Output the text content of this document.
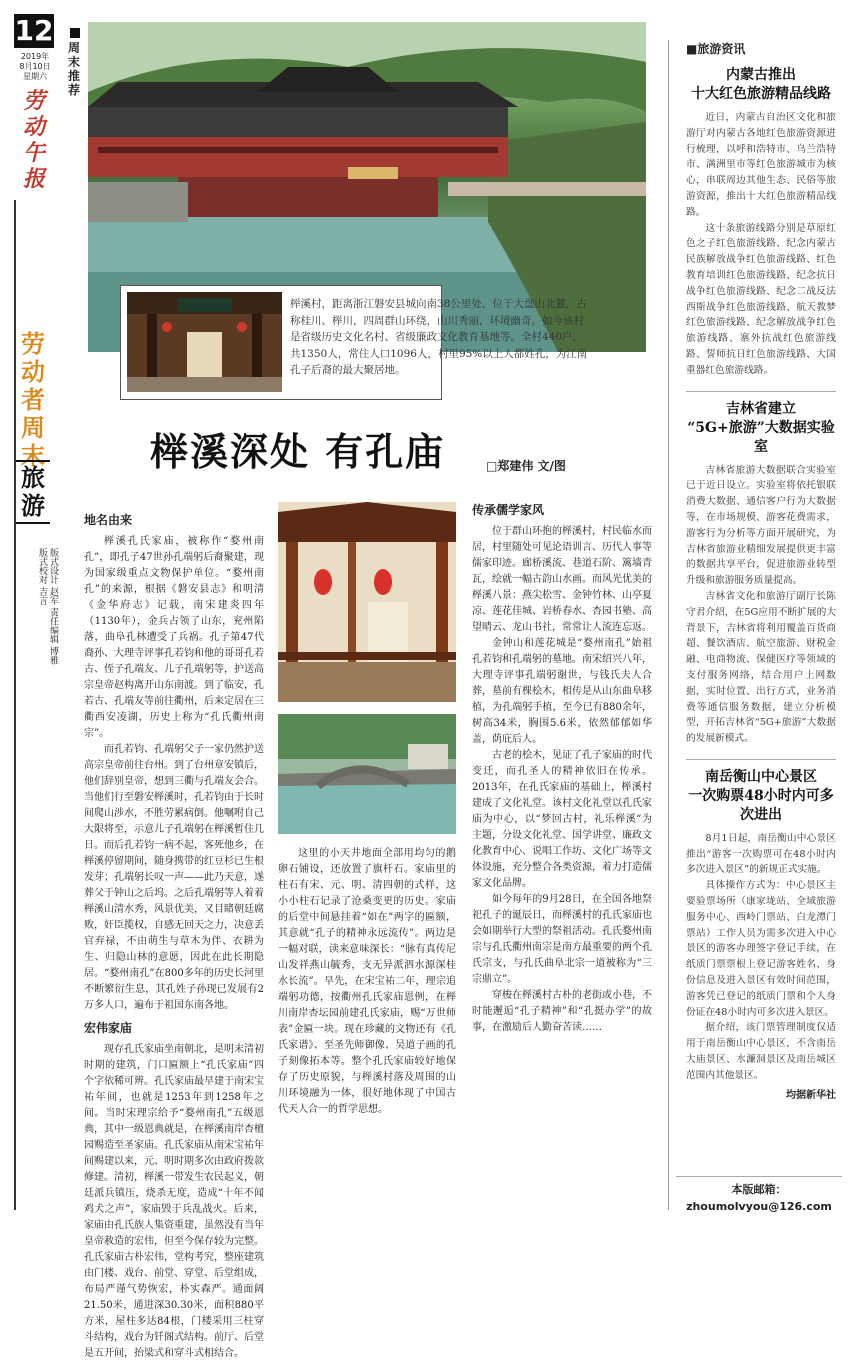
12
2019年
8月10日
星期六
劳动午报
劳动者周末
旅游
版式设计 赵军 责任编辑 博雅 版式校对 吉言
周末推荐
榉溪村，距离浙江磐安县城向南38公里处，位于大盘山北麓，古称桂川、榉川，四周群山环绕，山川秀丽，环境幽奇。如今该村是省级历史文化名村、省级廉政文化教育基地等。全村440户，共1350人，常住人口1096人，村里95%以上人都姓孔，为江南孔子后裔的最大聚居地。
榉溪深处 有孔庙	□郑建伟 文/图
地名由来

榉溪孔氏家庙，被称作“婺州南孔”，即孔子47世孙孔端躬后裔聚建，现为国家级重点文物保护单位。“婺州南孔”的来源，根据《磐安县志》和明清《金华府志》记载，南宋建炎四年（1130年），金兵占领了山东，兖州陷落，曲阜孔林遭受了兵祸。孔子第47代裔孙、大理寺评事孔若钧和他的哥哥孔若古、侄子孔端友、儿子孔端躬等，护送高宗皇帝赵构离开山东南渡。到了临安，孔若古、孔端友等前往衢州，后来定居在三衢西安凌湖，历史上称为“孔氏衢州南宗”。

而孔若钧、孔端躬父子一家仍然护送高宗皇帝前往台州。到了台州章安镇后，他们辞别皇帝，想到三衢与孔端友会合。当他们行至磐安榉溪时，孔若钧由于长时间爬山涉水，不胜劳累病倒。他嘱咐自己大限将至，示意儿子孔端躬在榉溪暂住几日。而后孔若钧一病不起，客死他乡，在榉溪停留期间，随身携带的红豆杉已生根发芽；孔端躬长叹一声——此乃天意，遂葬父于钟山之后坞。之后孔端躬等人着着榉溪山清水秀，风景优美，又目睹朝廷腐败，奸臣揽权，自感无回天之力，决意丢官弃禄，不由萌生与草木为伴、衣耕为生、归隐山林的意愿，因此在此长期隐居。“婺州南孔”在800多年的历史长河里不断繁衍生息，其孔姓子孙现已发展有2万多人口，遍布于祖国东南各地。

宏伟家庙

现存孔氏家庙坐南朝北，是明末清初时期的建筑，门口匾额上“孔氏家庙”四个字依稀可辨。孔氏家庙最早建于南宋宝祐年间，也就是1253年到1258年之间。当时宋理宗给予“婺州南孔”五级恩典，其中一级恩典就是，在榉溪南岸杏檀园赐造至圣家庙。孔氏家庙从南宋宝祐年间赐建以来，元、明时期多次由政府拨款修建。清初，榉溪一带发生农民起义，朝廷派兵镇压，烧杀无度，造成“十年不闻鸡犬之声”，家庙毁于兵乱战火。后来，家庙由孔氏族人集资重建，虽然没有当年皇帝赦造的宏伟，但至今保存较为完整。孔氏家庙古朴宏伟，堂构考究，整座建筑由门楼、戏台、前堂、穿堂、后堂组成，布局严谨气势恢宏，朴实森严。通面阔21.50米，通进深30.30米，面积880平方米，屋柱多达84根，门楼采用三柱穿斗结构，戏台为钎阁式结构。前厅、后堂是五开间，抬梁式和穿斗式相结合。

这里的小天井地面全部用均匀的鹅卵石铺设，还放置了旗杆石。家庙里的柱石有宋、元、明、清四朝的式样，这小小柱石记录了沧桑变更的历史。家庙的后堂中间悬挂着“如在”两字的匾额，其意就“孔子的精神永远流传”。两边是一幅对联，读来意味深长：“脉有真传尼山发祥燕山毓秀，支无异派泗水源深桂水长流”。早先，在宋宝祐二年，理宗追端躬功德，按衢州孔氏家庙恩例，在榉川南岸杏坛园前建孔氏家庙，赐“万世师表”金匾一块。现在珍藏的文物还有《孔氏家谱》、至圣先师御像、吴道子画的孔子刻像拓本等。整个孔氏家庙较好地保存了历史原貌，与榉溪村落及周围的山川环境融为一体，很好地体现了中国古代天人合一的哲学思想。

传承儒学家风

位于群山环抱的榉溪村，村民临水而居，村里随处可见论语训言、历代人事等儒家印迹。廊桥溪流、巷道石阶、篱墙青瓦，绘就一幅古韵山水画。而风光优美的榉溪八景：燕尖松雪、金钟竹林、山亭夏凉、莲花佳城、岩桥春水、杏园书塾、高望晴云、龙山书社，常常让人流连忘返。

金钟山和莲花城是“婺州南孔”始祖孔若钧和孔端躬的墓地。南宋绍兴八年，大理寺评事孔端躬谢世，与钱氏夫人合葬，墓前有棵桧木，相传是从山东曲阜移植，为孔端躬手植，至今已有880余年，树高34米，胸围5.6米，依然郁郁如华盖，荫庇后人。

古老的桧木，见证了孔子家庙的时代变迁，而孔圣人的精神依旧在传承。2013年，在孔氏家庙的基础上，榉溪村建成了文化礼堂。该村文化礼堂以孔氏家庙为中心，以“梦回古村，礼乐榉溪”为主题，分设文化礼堂、国学讲堂、廉政文化教育中心、说唱工作坊、文化广场等文体设施，充分整合各类资源，着力打造儒家文化品牌。

如今每年的9月28日，在全国各地祭祀孔子的诞辰日，而榉溪村的孔氏家庙也会如期举行大型的祭祖活动。孔氏婺州南宗与孔氏衢州南宗是南方最重要的两个孔氏宗支，与孔氏曲阜北宗一道被称为“三宗鼎立”。

穿梭在榉溪村古朴的老街或小巷，不时能邂逅“孔子精神”和“孔挺办学”的故事，在激励后人勤奋苦读……

■旅游资讯
内蒙古推出
十大红色旅游精品线路

近日，内蒙古自治区文化和旅游厅对内蒙古各地红色旅游资源进行梳理，以呼和浩特市、乌兰浩特市、满洲里市等红色旅游城市为核心，串联周边其他生态、民俗等旅游资源，推出十大红色旅游精品线路。

这十条旅游线路分别是草原红色之子红色旅游线路、纪念内蒙古民族解放战争红色旅游线路、红色教育培训红色旅游线路、纪念抗日战争红色旅游线路、纪念二战反法西斯战争红色旅游线路、航天教梦红色旅游线路、纪念解放战争红色旅游线路、寨外抗战红色旅游线路、誓师抗日红色旅游线路、大国重器红色旅游线路。

吉林省建立
“5G+旅游”大数据实验室

吉林省旅游大数据联合实验室已于近日设立。实验室将依托银联消费大数据、通信客户行为大数据等，在市场规模、游客花费需求，游客行为分析等方面开展研究，为吉林省旅游业精细发展提供更丰富的数据共享平台，促进旅游业转型升级和旅游服务质量提高。

吉林省文化和旅游厅副厅长陈守君介绍，在5G应用不断扩展的大背景下，吉林省将利用覆盖百货商超、餐饮酒店、航空旅游、财税金融、电商物流、保健医疗等领域的支付服务网络，结合用户上网数据，实时位置、出行方式，业务消费等通信服务数据，建立分析模型，开拓吉林省“5G+旅游”大数据的发展新模式。

南岳衡山中心景区
一次购票48小时内可多次进出

8月1日起，南岳衡山中心景区推出“游客一次购票可在48小时内多次进入景区”的新规正式实施。

具体操作方式为：中心景区主要验票场所（康家垅站、全域旅游服务中心、西岭门票站、白龙潭门票站）工作人员为需多次进入中心景区的游客办理签字登记手续，在纸质门票票根上登记游客姓名、身份信息及进入景区有效时间范围，游客凭已登记的纸质门票和个人身份证在48小时内可多次进入景区。

据介绍，该门票管理制度仅适用于南岳衡山中心景区，不含南岳大庙景区、水濂洞景区及南岳城区范围内其他景区。

均据新华社
本版邮箱：
zhoumolvyou@126.com
